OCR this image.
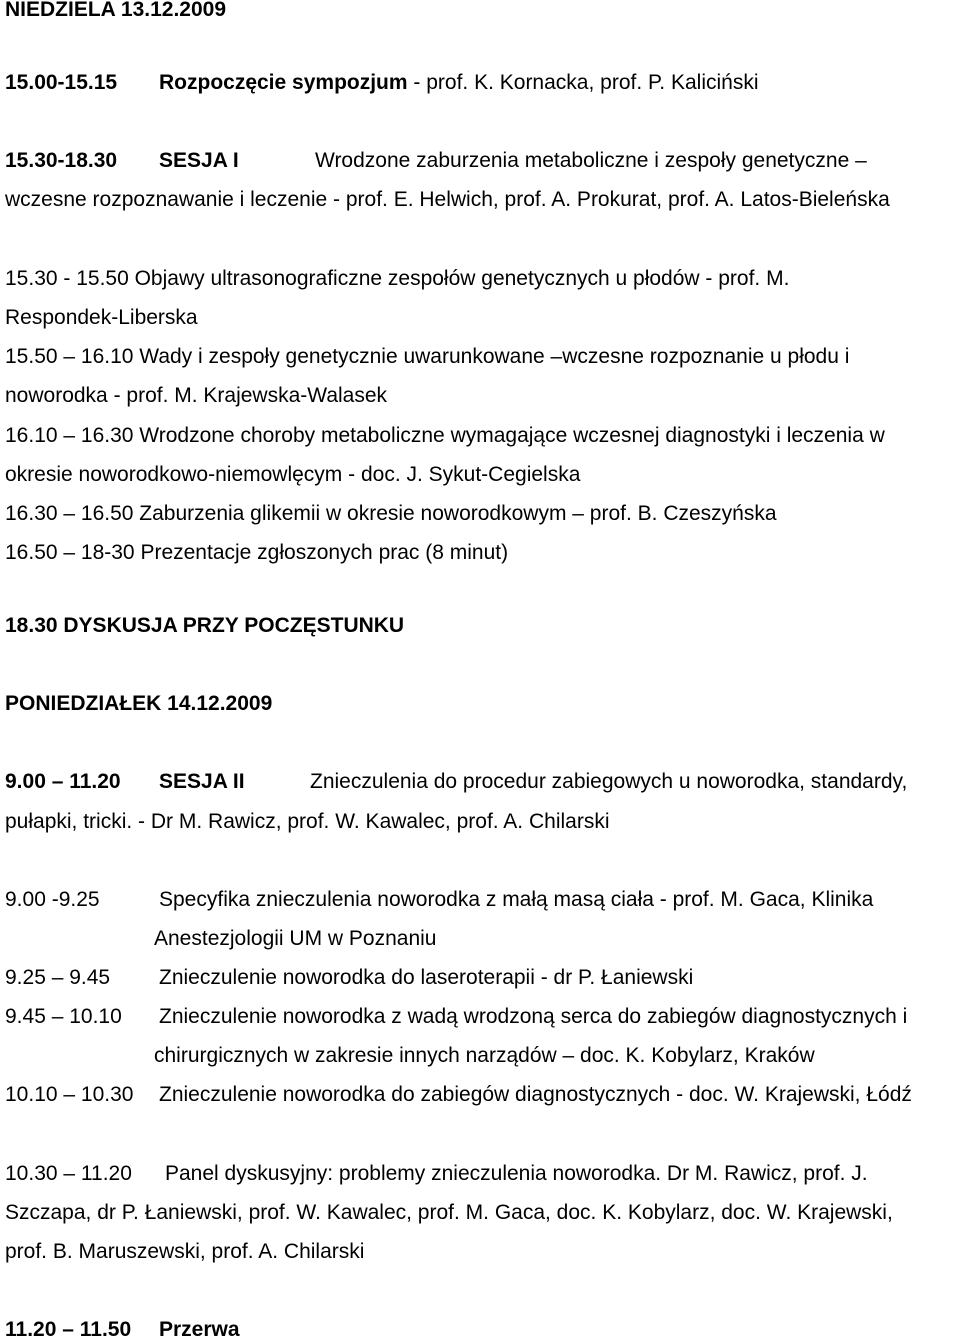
NIEDZIELA 13.12.2009
15.00-15.15 Rozpoczęcie sympozjum - prof. K. Kornacka, prof. P. Kaliciński
15.30-18.30 SESJA I	Wrodzone zaburzenia metaboliczne i zespoły genetyczne –
wczesne rozpoznawanie i leczenie - prof. E. Helwich, prof. A. Prokurat, prof. A. Latos-Bieleńska
15.30 - 15.50 Objawy ultrasonograficzne zespołów genetycznych u płodów - prof. M.
Respondek-Liberska
15.50 – 16.10 Wady i zespoły genetycznie uwarunkowane –wczesne rozpoznanie u płodu i
noworodka - prof. M. Krajewska-Walasek
16.10 – 16.30 Wrodzone choroby metaboliczne wymagające wczesnej diagnostyki i leczenia w
okresie noworodkowo-niemowlęcym - doc. J. Sykut-Cegielska
16.30 – 16.50 Zaburzenia glikemii w okresie noworodkowym – prof. B. Czeszyńska
16.50 – 18-30 Prezentacje zgłoszonych prac (8 minut)
18.30 DYSKUSJA PRZY POCZĘSTUNKU
PONIEDZIAŁEK 14.12.2009
9.00 – 11.20 SESJA II	Znieczulenia do procedur zabiegowych u noworodka, standardy,
pułapki, tricki. - Dr M. Rawicz, prof. W. Kawalec, prof. A. Chilarski
9.00 -9.25	Specyfika znieczulenia noworodka z małą masą ciała - prof. M. Gaca, Klinika
Anestezjologii UM w Poznaniu
9.25 – 9.45 Znieczulenie noworodka do laseroterapii - dr P. Łaniewski
9.45 – 10.10 Znieczulenie noworodka z wadą wrodzoną serca do zabiegów diagnostycznych i
chirurgicznych w zakresie innych narządów – doc. K. Kobylarz, Kraków
10.10 – 10.30 Znieczulenie noworodka do zabiegów diagnostycznych - doc. W. Krajewski, Łódź
10.30 – 11.20 Panel dyskusyjny: problemy znieczulenia noworodka. Dr M. Rawicz, prof. J.
Szczapa, dr P. Łaniewski, prof. W. Kawalec, prof. M. Gaca, doc. K. Kobylarz, doc. W. Krajewski,
prof. B. Maruszewski, prof. A. Chilarski
11.20 – 11.50 Przerwa
